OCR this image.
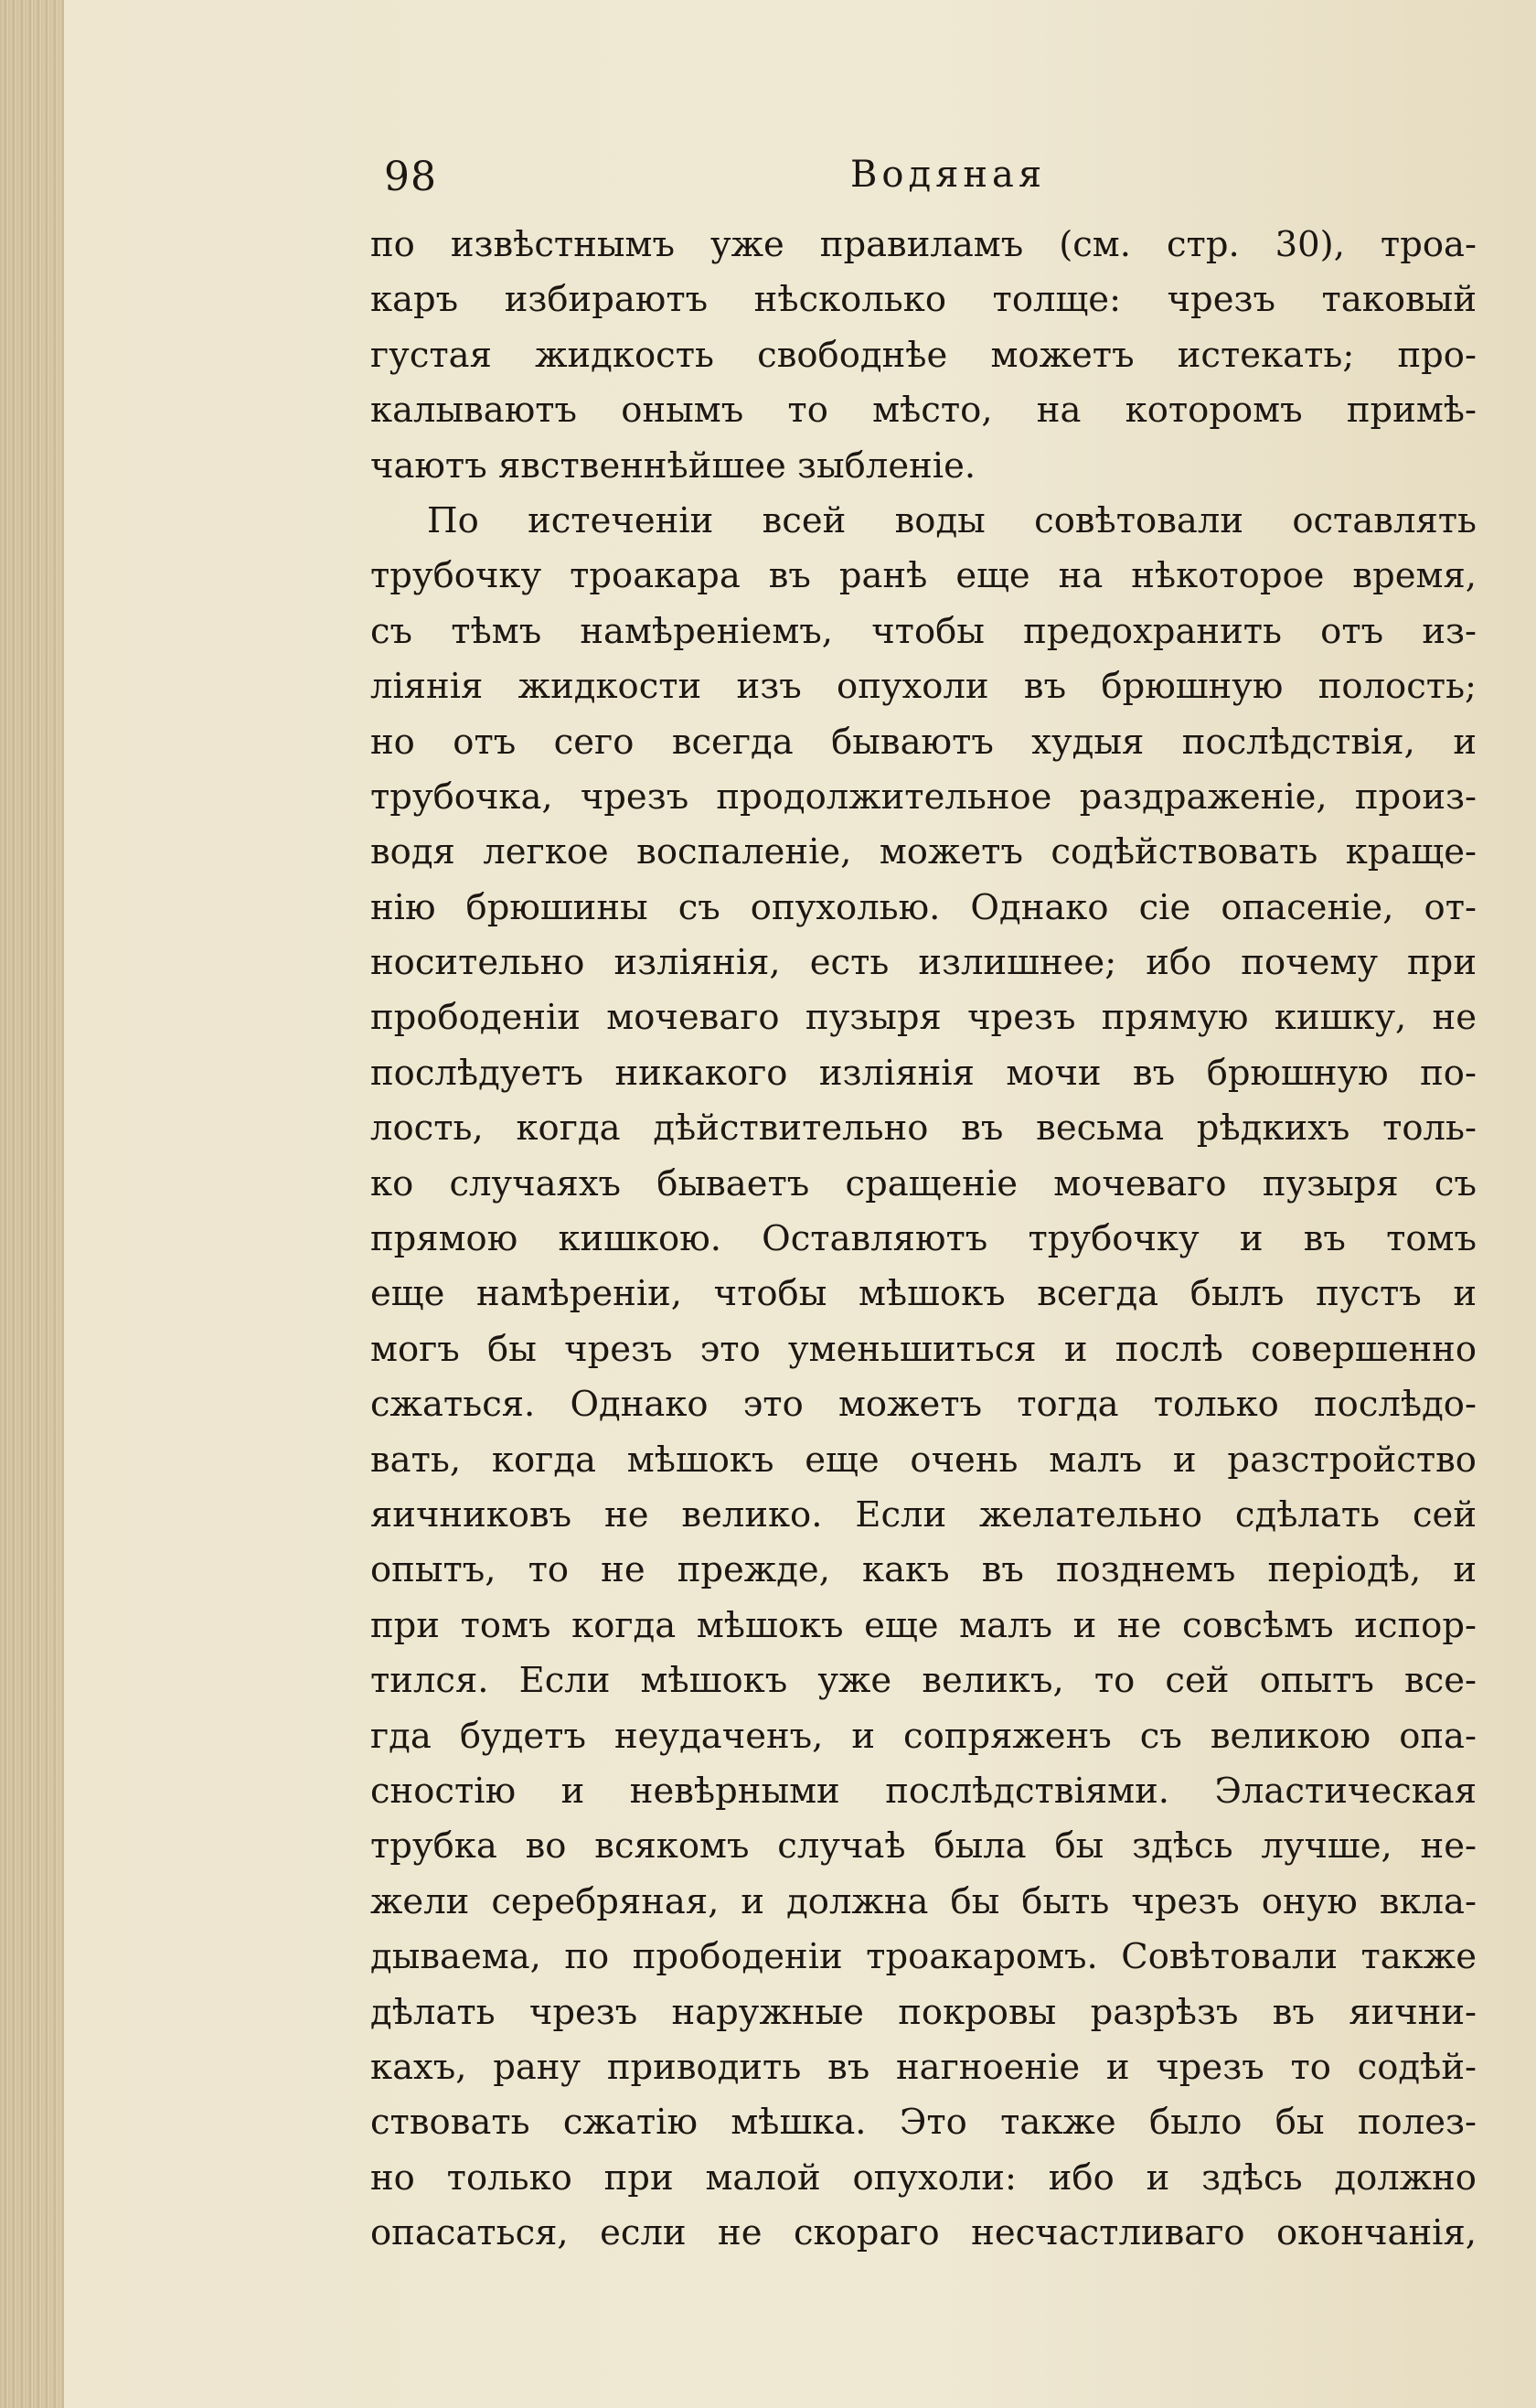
98	Водяная
по извѣстнымъ уже правиламъ (см. стр. 30), троа-
каръ избираютъ нѣсколько толще: чрезъ таковый
густая жидкость свободнѣе можетъ истекать; про-
калываютъ онымъ то мѣсто, на которомъ примѣ-
чаютъ явственнѣйшее зыбленіе.
По истеченіи всей воды совѣтовали оставлять
трубочку троакара въ ранѣ еще на нѣкоторое время,
съ тѣмъ намѣреніемъ, чтобы предохранить отъ из-
ліянія жидкости изъ опухоли въ брюшную полость;
но отъ сего всегда бываютъ худыя послѣдствія, и
трубочка, чрезъ продолжительное раздраженіе, произ-
водя легкое воспаленіе, можетъ содѣйствовать краще-
нію брюшины съ опухолью. Однако сіе опасеніе, от-
носительно изліянія, есть излишнее; ибо почему при
прободеніи мочеваго пузыря чрезъ прямую кишку, не
послѣдуетъ никакого изліянія мочи въ брюшную по-
лость, когда дѣйствительно въ весьма рѣдкихъ толь-
ко случаяхъ бываетъ сращеніе мочеваго пузыря съ
прямою кишкою. Оставляютъ трубочку и въ томъ
еще намѣреніи, чтобы мѣшокъ всегда былъ пустъ и
могъ бы чрезъ это уменьшиться и послѣ совершенно
сжаться. Однако это можетъ тогда только послѣдо-
вать, когда мѣшокъ еще очень малъ и разстройство
яичниковъ не велико. Если желательно сдѣлать сей
опытъ, то не прежде, какъ въ позднемъ періодѣ, и
при томъ когда мѣшокъ еще малъ и не совсѣмъ испор-
тился. Если мѣшокъ уже великъ, то сей опытъ все-
гда будетъ неудаченъ, и сопряженъ съ великою опа-
сностію и невѣрными послѣдствіями. Эластическая
трубка во всякомъ случаѣ была бы здѣсь лучше, не-
жели серебряная, и должна бы быть чрезъ оную вкла-
дываема, по прободеніи троакаромъ. Совѣтовали также
дѣлать чрезъ наружные покровы разрѣзъ въ яични-
кахъ, рану приводить въ нагноеніе и чрезъ то содѣй-
ствовать сжатію мѣшка. Это также было бы полез-
но только при малой опухоли: ибо и здѣсь должно
опасаться, если не скораго несчастливаго окончанія,
